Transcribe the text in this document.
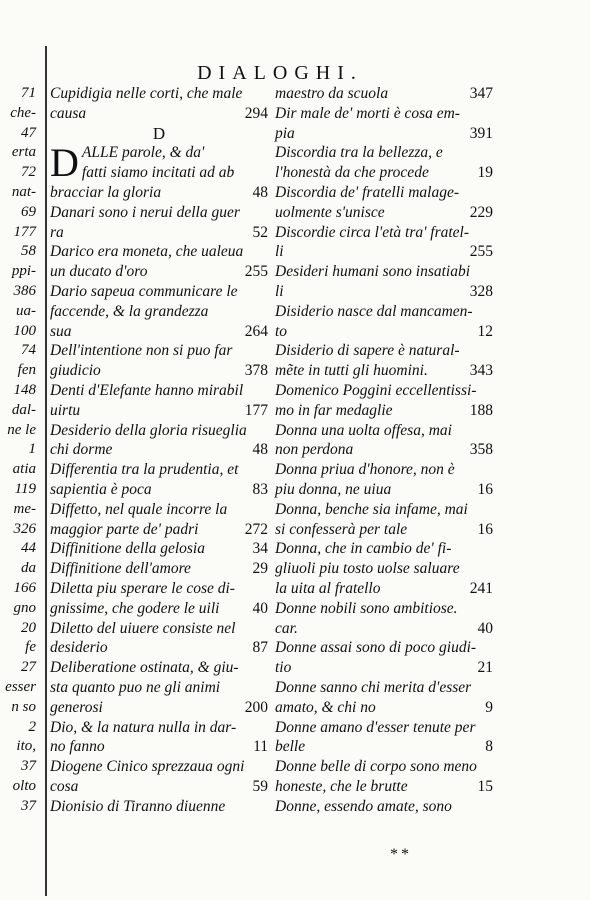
71
che-
47
erta
72
nat-
69
177
58
ppi-
386
ua-
100
74
fen
148
dal-
ne le
1
atia
119
me-
326
44
da
166
gno
20
fe
27
esser
n so
2
ito,
37
olto
37
DIALOGHI.
Cupidigia nelle corti, che male
causa	294
D
DALLE parole, & da'
fatti siamo incitati ad ab
bracciar la gloria	48
Danari sono i nerui della guer
ra	52
Darico era moneta, che ualeua
un ducato d'oro	255
Dario sapeua communicare le
faccende, & la grandezza
sua	264
Dell'intentione non si puo far
giudicio	378
Denti d'Elefante hanno mirabil
uirtu	177
Desiderio della gloria risueglia
chi dorme	48
Differentia tra la prudentia, et
sapientia è poca	83
Diffetto, nel quale incorre la
maggior parte de' padri	272
Diffinitione della gelosia	34
Diffinitione dell'amore	29
Diletta piu sperare le cose di-
gnissime, che godere le uili 40
Diletto del uiuere consiste nel
desiderio	87
Deliberatione ostinata, & giu-
sta quanto puo ne gli animi
generosi	200
Dio, & la natura nulla in dar-
no fanno	11
Diogene Cinico sprezzaua ogni
cosa	59
Dionisio di Tiranno diuenne
maestro da scuola	347
Dir male de' morti è cosa em-
pia	391
Discordia tra la bellezza, e
l'honestà da che procede	19
Discordia de' fratelli malage-
uolmente s'unisce	229
Discordie circa l'età tra' fratel-
li	255
Desideri humani sono insatiabi
li	328
Disiderio nasce dal mancamen-
to	12
Disiderio di sapere è natural-
mẽte in tutti gli huomini.	343
Domenico Poggini eccellentissi-
mo in far medaglie	188
Donna una uolta offesa, mai
non perdona	358
Donna priua d'honore, non è
piu donna, ne uiua	16
Donna, benche sia infame, mai
si confesserà per tale	16
Donna, che in cambio de' fi-
gliuoli piu tosto uolse saluare
la uita al fratello	241
Donne nobili sono ambitiose.
car.	40
Donne assai sono di poco giudi-
tio	21
Donne sanno chi merita d'esser
amato, & chi no	9
Donne amano d'esser tenute per
belle	8
Donne belle di corpo sono meno
honeste, che le brutte	15
Donne, essendo amate, sono
**
